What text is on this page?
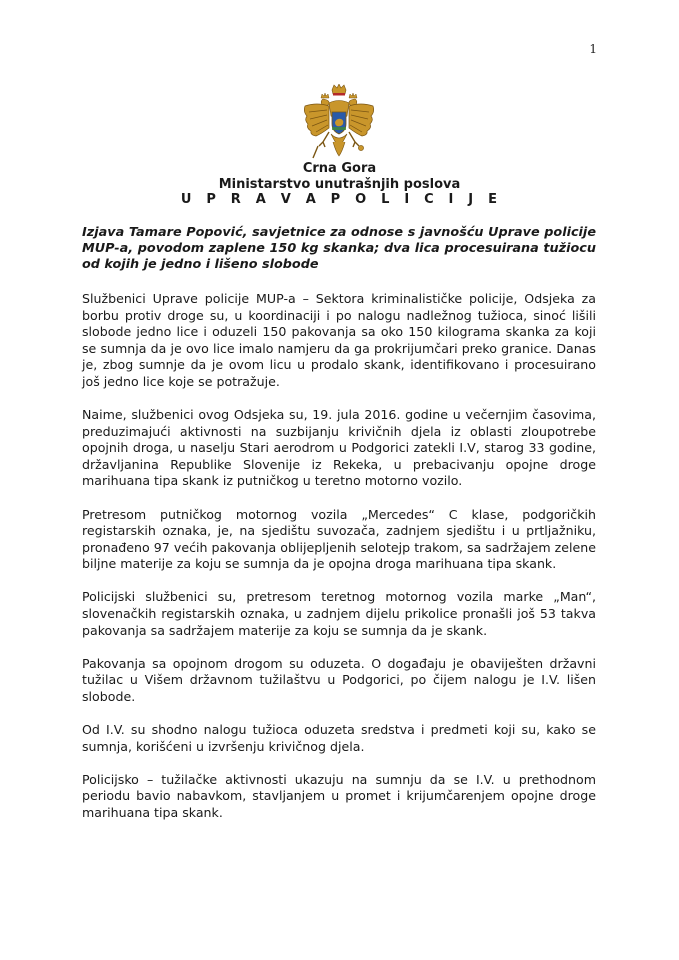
1
Crna Gora
Ministarstvo unutrašnjih poslova
U P R A V A P O L I C I J E

Izjava Tamare Popović, savjetnice za odnose s javnošću Uprave policije MUP-a, povodom zaplene 150 kg skanka; dva lica procesuirana tužiocu od kojih je jedno i lišeno slobode

Službenici Uprave policije MUP-a – Sektora kriminalističke policije, Odsjeka za borbu protiv droge su, u koordinaciji i po nalogu nadležnog tužioca, sinoć lišili slobode jedno lice i oduzeli 150 pakovanja sa oko 150 kilograma skanka za koji se sumnja da je ovo lice imalo namjeru da ga prokrijumčari preko granice. Danas je, zbog sumnje da je ovom licu u prodalo skank, identifikovano i procesuirano još jedno lice koje se potražuje.

Naime, službenici ovog Odsjeka su, 19. jula 2016. godine u večernjim časovima, preduzimajući aktivnosti na suzbijanju krivičnih djela iz oblasti zloupotrebe opojnih droga, u naselju Stari aerodrom u Podgorici zatekli I.V, starog 33 godine, državljanina Republike Slovenije iz Rekeka, u prebacivanju opojne droge marihuana tipa skank iz putničkog u teretno motorno vozilo.

Pretresom putničkog motornog vozila „Mercedes“ C klase, podgoričkih registarskih oznaka, je, na sjedištu suvozača, zadnjem sjedištu i u prtljažniku, pronađeno 97 većih pakovanja oblijepljenih selotejp trakom, sa sadržajem zelene biljne materije za koju se sumnja da je opojna droga marihuana tipa skank.

Policijski službenici su, pretresom teretnog motornog vozila marke „Man“, slovenačkih registarskih oznaka, u zadnjem dijelu prikolice pronašli još 53 takva pakovanja sa sadržajem materije za koju se sumnja da je skank.

Pakovanja sa opojnom drogom su oduzeta. O događaju je obaviješten državni tužilac u Višem državnom tužilaštvu u Podgorici, po čijem nalogu je I.V. lišen slobode.

Od I.V. su shodno nalogu tužioca oduzeta sredstva i predmeti koji su, kako se sumnja, korišćeni u izvršenju krivičnog djela.

Policijsko – tužilačke aktivnosti ukazuju na sumnju da se I.V. u prethodnom periodu bavio nabavkom, stavljanjem u promet i krijumčarenjem opojne droge marihuana tipa skank.
